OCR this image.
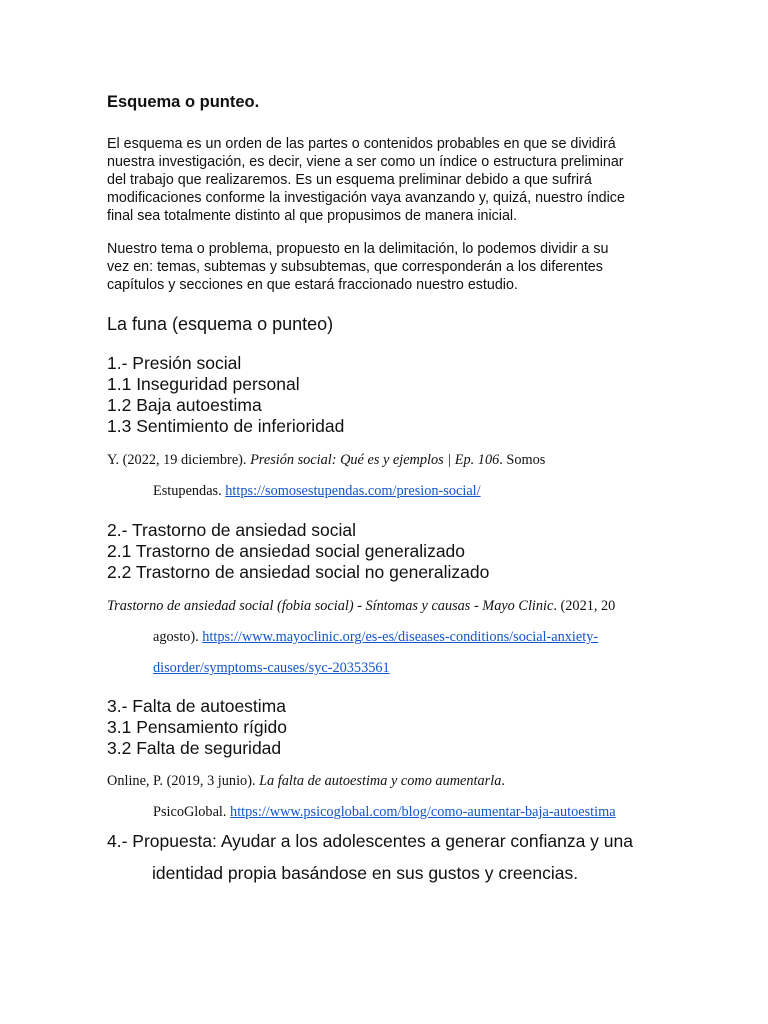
Esquema o punteo.
El esquema es un orden de las partes o contenidos probables en que se dividirá
nuestra investigación, es decir, viene a ser como un índice o estructura preliminar
del trabajo que realizaremos. Es un esquema preliminar debido a que sufrirá
modificaciones conforme la investigación vaya avanzando y, quizá, nuestro índice
final sea totalmente distinto al que propusimos de manera inicial.
Nuestro tema o problema, propuesto en la delimitación, lo podemos dividir a su
vez en: temas, subtemas y subsubtemas, que corresponderán a los diferentes
capítulos y secciones en que estará fraccionado nuestro estudio.
La funa (esquema o punteo)
1.- Presión social
1.1 Inseguridad personal
1.2 Baja autoestima
1.3 Sentimiento de inferioridad
Y. (2022, 19 diciembre). Presión social: Qué es y ejemplos | Ep. 106. Somos
Estupendas. https://somosestupendas.com/presion-social/
2.- Trastorno de ansiedad social
2.1 Trastorno de ansiedad social generalizado
2.2 Trastorno de ansiedad social no generalizado
Trastorno de ansiedad social (fobia social) - Síntomas y causas - Mayo Clinic. (2021, 20
agosto). https://www.mayoclinic.org/es-es/diseases-conditions/social-anxiety-
disorder/symptoms-causes/syc-20353561
3.- Falta de autoestima
3.1 Pensamiento rígido
3.2 Falta de seguridad
Online, P. (2019, 3 junio). La falta de autoestima y como aumentarla.
PsicoGlobal. https://www.psicoglobal.com/blog/como-aumentar-baja-autoestima
4.- Propuesta: Ayudar a los adolescentes a generar confianza y una
identidad propia basándose en sus gustos y creencias.
